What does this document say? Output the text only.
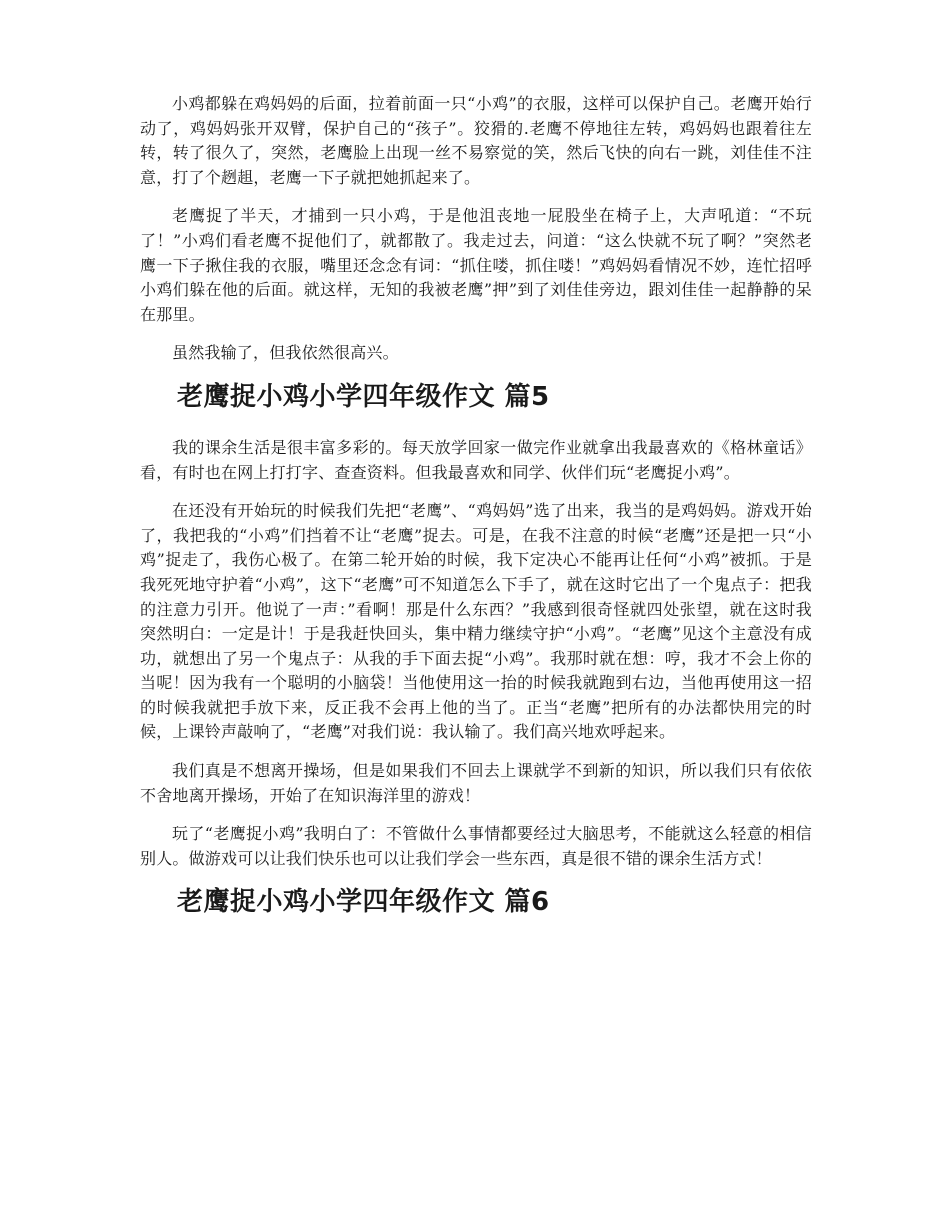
小鸡都躲在鸡妈妈的后面，拉着前面一只“小鸡”的衣服，这样可以保护自己。老鹰开始行动了，鸡妈妈张开双臂，保护自己的“孩子”。狡猾的.老鹰不停地往左转，鸡妈妈也跟着往左转，转了很久了，突然，老鹰脸上出现一丝不易察觉的笑，然后飞快的向右一跳，刘佳佳不注意，打了个趔趄，老鹰一下子就把她抓起来了。

老鹰捉了半天，才捕到一只小鸡，于是他沮丧地一屁股坐在椅子上，大声吼道：“不玩了！”小鸡们看老鹰不捉他们了，就都散了。我走过去，问道：“这么快就不玩了啊？”突然老鹰一下子揪住我的衣服，嘴里还念念有词：“抓住喽，抓住喽！”鸡妈妈看情况不妙，连忙招呼小鸡们躲在他的后面。就这样，无知的我被老鹰”押”到了刘佳佳旁边，跟刘佳佳一起静静的呆在那里。

虽然我输了，但我依然很高兴。

老鹰捉小鸡小学四年级作文 篇5

我的课余生活是很丰富多彩的。每天放学回家一做完作业就拿出我最喜欢的《格林童话》看，有时也在网上打打字、查查资料。但我最喜欢和同学、伙伴们玩“老鹰捉小鸡”。

在还没有开始玩的时候我们先把“老鹰”、“鸡妈妈”选了出来，我当的是鸡妈妈。游戏开始了，我把我的“小鸡”们挡着不让“老鹰”捉去。可是，在我不注意的时候“老鹰”还是把一只“小鸡”捉走了，我伤心极了。在第二轮开始的时候，我下定决心不能再让任何“小鸡”被抓。于是我死死地守护着“小鸡”，这下“老鹰”可不知道怎么下手了，就在这时它出了一个鬼点子：把我的注意力引开。他说了一声：”看啊！那是什么东西？”我感到很奇怪就四处张望，就在这时我突然明白：一定是计！于是我赶快回头，集中精力继续守护“小鸡”。“老鹰”见这个主意没有成功，就想出了另一个鬼点子：从我的手下面去捉“小鸡”。我那时就在想：哼，我才不会上你的当呢！因为我有一个聪明的小脑袋！当他使用这一抬的时候我就跑到右边，当他再使用这一招的时候我就把手放下来，反正我不会再上他的当了。正当“老鹰”把所有的办法都快用完的时候，上课铃声敲响了，“老鹰”对我们说：我认输了。我们高兴地欢呼起来。

我们真是不想离开操场，但是如果我们不回去上课就学不到新的知识，所以我们只有依依不舍地离开操场，开始了在知识海洋里的游戏！

玩了“老鹰捉小鸡”我明白了：不管做什么事情都要经过大脑思考，不能就这么轻意的相信别人。做游戏可以让我们快乐也可以让我们学会一些东西，真是很不错的课余生活方式！

老鹰捉小鸡小学四年级作文 篇6
